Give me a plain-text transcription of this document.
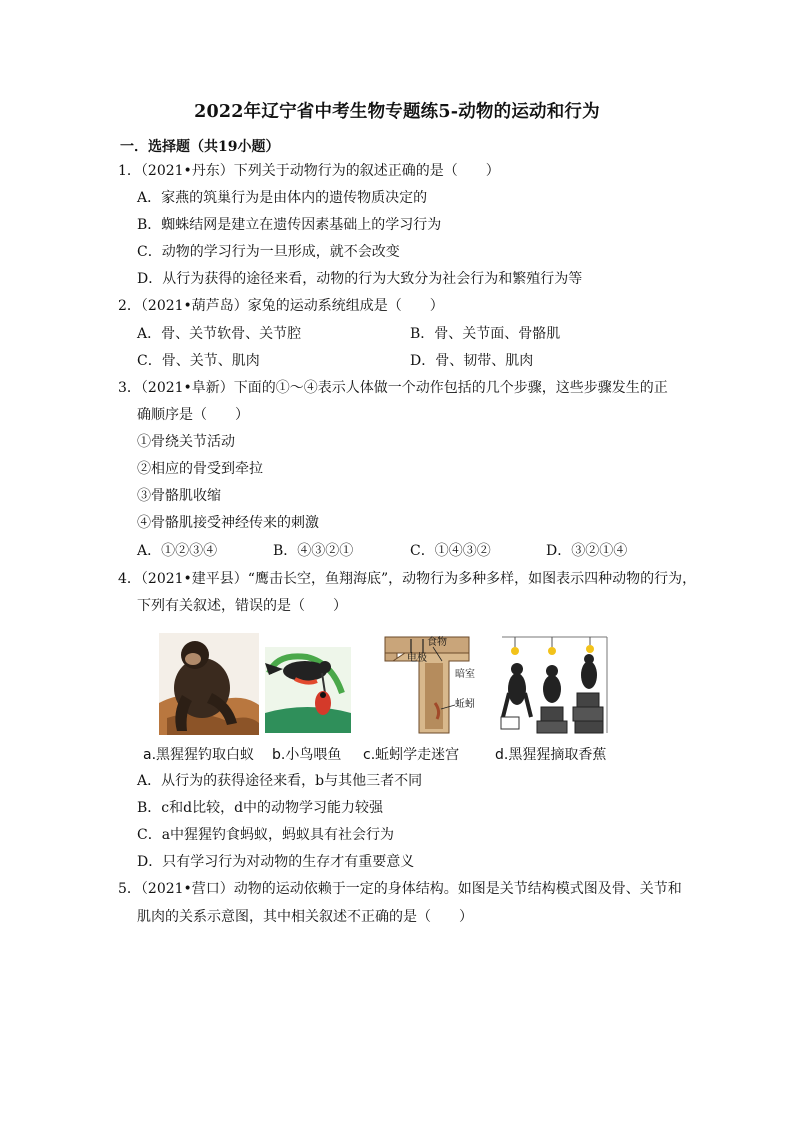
2022年辽宁省中考生物专题练5-动物的运动和行为
一．选择题（共19小题）
1．（2021•丹东）下列关于动物行为的叙述正确的是（　　）
A．家燕的筑巢行为是由体内的遗传物质决定的
B．蜘蛛结网是建立在遗传因素基础上的学习行为
C．动物的学习行为一旦形成，就不会改变
D．从行为获得的途径来看，动物的行为大致分为社会行为和繁殖行为等
2．（2021•葫芦岛）家兔的运动系统组成是（　　）
A．骨、关节软骨、关节腔	B．骨、关节面、骨骼肌
C．骨、关节、肌肉	D．骨、韧带、肌肉
3．（2021•阜新）下面的①～④表示人体做一个动作包括的几个步骤，这些步骤发生的正
确顺序是（　　）
①骨绕关节活动
②相应的骨受到牵拉
③骨骼肌收缩
④骨骼肌接受神经传来的刺激
A．①②③④	B．④③②①	C．①④③②	D．③②①④
4．（2021•建平县）“鹰击长空，鱼翔海底”，动物行为多种多样，如图表示四种动物的行为，
下列有关叙述，错误的是（　　）
食物
电极
暗室
蚯蚓
a.黑猩猩钓取白蚁 b.小鸟喂鱼 c.蚯蚓学走迷宫	d.黑猩猩摘取香蕉
A．从行为的获得途径来看，b与其他三者不同
B．c和d比较，d中的动物学习能力较强
C．a中猩猩钓食蚂蚁，蚂蚁具有社会行为
D．只有学习行为对动物的生存才有重要意义
5．（2021•营口）动物的运动依赖于一定的身体结构。如图是关节结构模式图及骨、关节和
肌肉的关系示意图，其中相关叙述不正确的是（　　）
